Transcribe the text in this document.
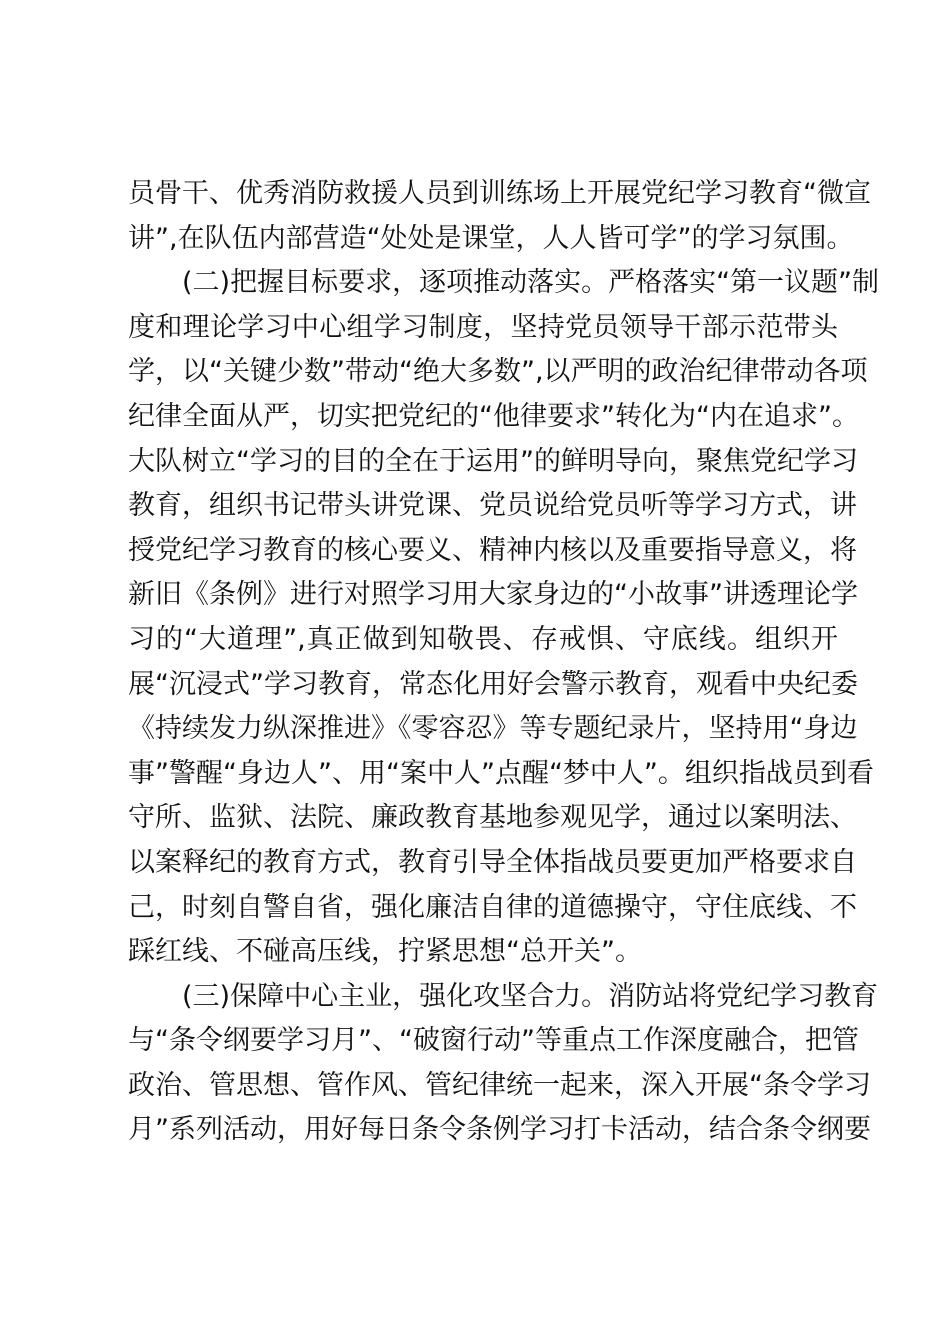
员骨干、优秀消防救援人员到训练场上开展党纪学习教育“微宣
讲”,在队伍内部营造“处处是课堂，人人皆可学”的学习氛围。
(二)把握目标要求，逐项推动落实。严格落实“第一议题”制
度和理论学习中心组学习制度，坚持党员领导干部示范带头
学，以“关键少数”带动“绝大多数”,以严明的政治纪律带动各项
纪律全面从严，切实把党纪的“他律要求”转化为“内在追求”。
大队树立“学习的目的全在于运用”的鲜明导向，聚焦党纪学习
教育，组织书记带头讲党课、党员说给党员听等学习方式，讲
授党纪学习教育的核心要义、精神内核以及重要指导意义，将
新旧《条例》进行对照学习用大家身边的“小故事”讲透理论学
习的“大道理”,真正做到知敬畏、存戒惧、守底线。组织开
展“沉浸式”学习教育，常态化用好会警示教育，观看中央纪委
《持续发力纵深推进》《零容忍》等专题纪录片，坚持用“身边
事”警醒“身边人”、用“案中人”点醒“梦中人”。组织指战员到看
守所、监狱、法院、廉政教育基地参观见学，通过以案明法、
以案释纪的教育方式，教育引导全体指战员要更加严格要求自
己，时刻自警自省，强化廉洁自律的道德操守，守住底线、不
踩红线、不碰高压线，拧紧思想“总开关”。
(三)保障中心主业，强化攻坚合力。消防站将党纪学习教育
与“条令纲要学习月”、“破窗行动”等重点工作深度融合，把管
政治、管思想、管作风、管纪律统一起来，深入开展“条令学习
月”系列活动，用好每日条令条例学习打卡活动，结合条令纲要
